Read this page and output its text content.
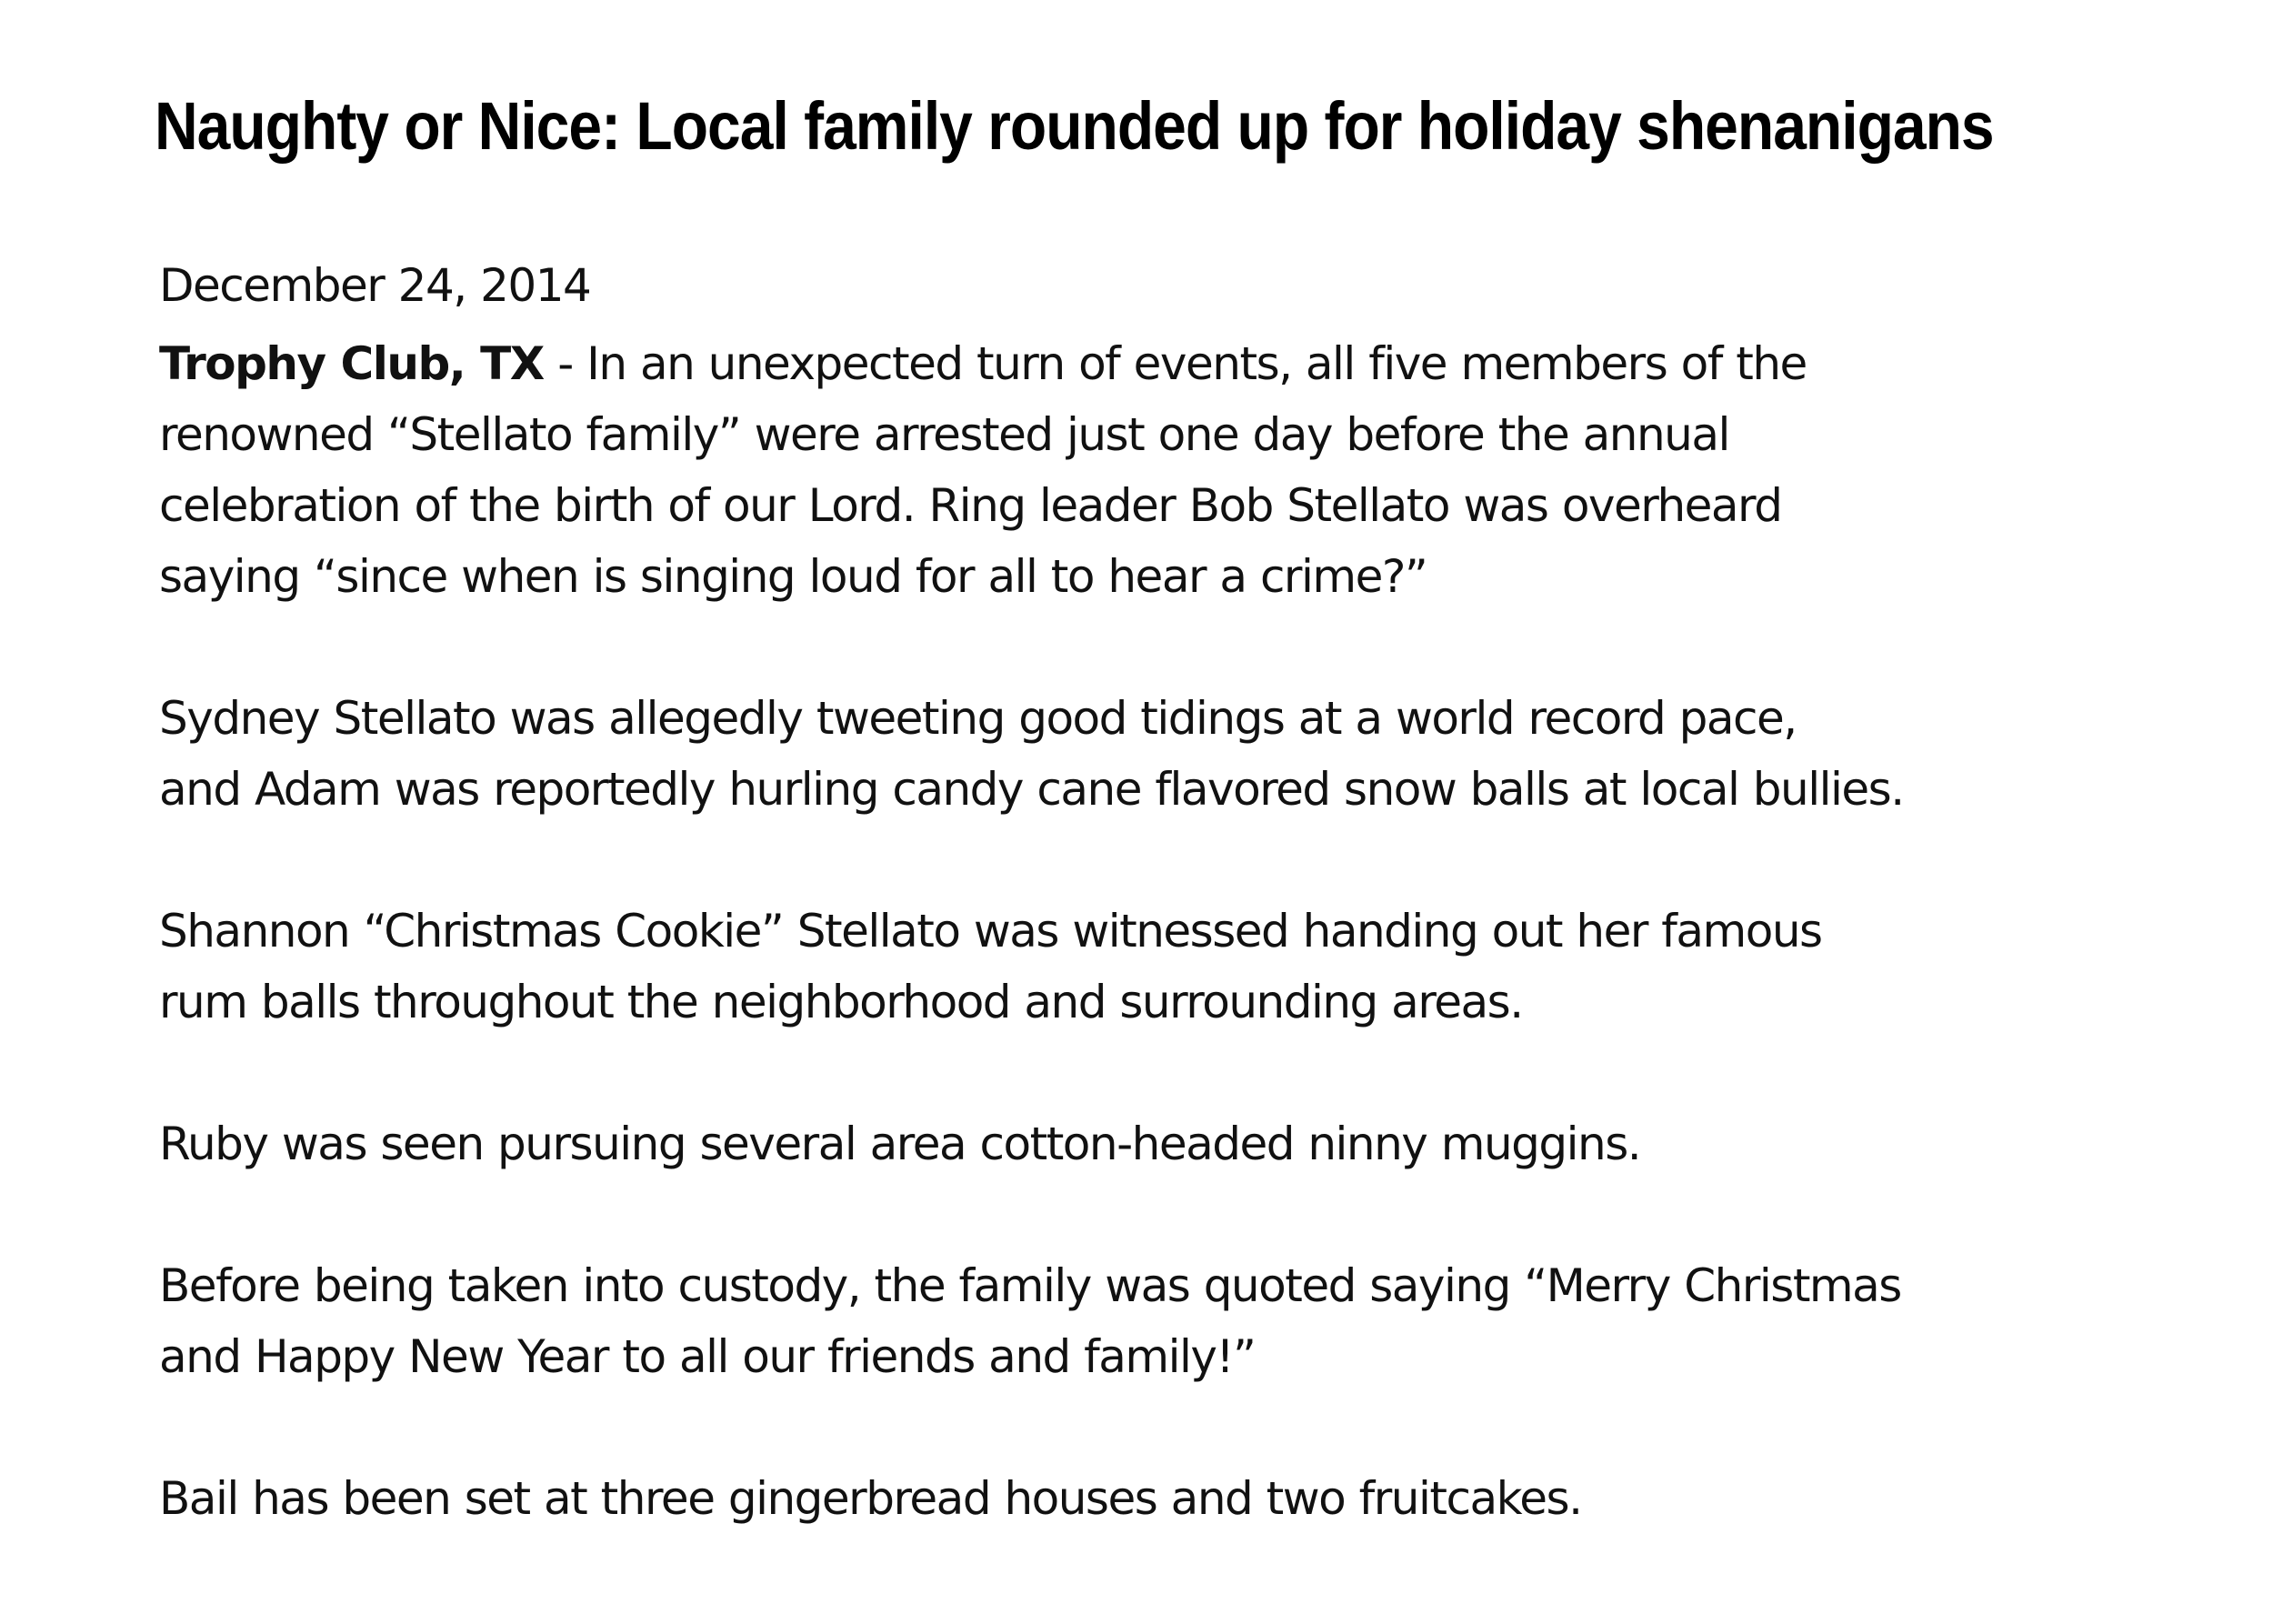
Naughty or Nice: Local family rounded up for holiday shenanigans
December 24, 2014

Trophy Club, TX - In an unexpected turn of events, all five members of the
renowned “Stellato family” were arrested just one day before the annual
celebration of the birth of our Lord. Ring leader Bob Stellato was overheard
saying “since when is singing loud for all to hear a crime?”

Sydney Stellato was allegedly tweeting good tidings at a world record pace,
and Adam was reportedly hurling candy cane flavored snow balls at local bullies.

Shannon “Christmas Cookie” Stellato was witnessed handing out her famous
rum balls throughout the neighborhood and surrounding areas.

Ruby was seen pursuing several area cotton-headed ninny muggins.

Before being taken into custody, the family was quoted saying “Merry Christmas
and Happy New Year to all our friends and family!”

Bail has been set at three gingerbread houses and two fruitcakes.
